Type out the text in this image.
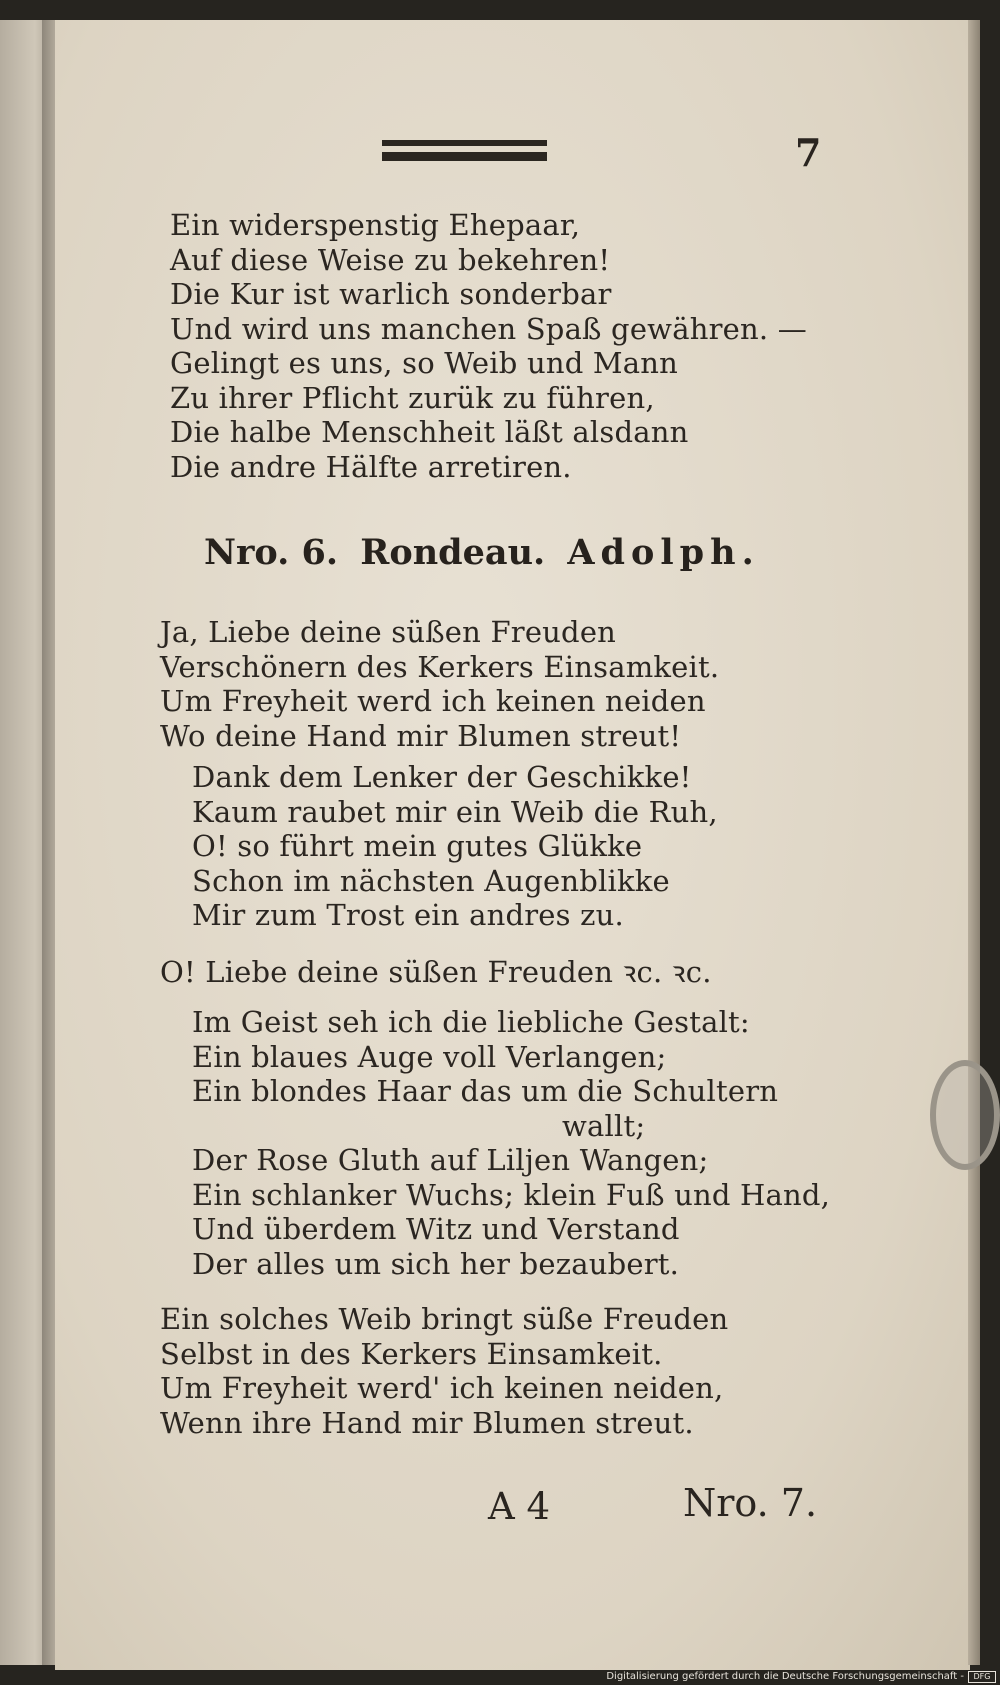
7
Ein widerspenstig Ehepaar,
Auf diese Weise zu bekehren!
Die Kur ist warlich sonderbar
Und wird uns manchen Spaß gewähren. —
Gelingt es uns, so Weib und Mann
Zu ihrer Pflicht zurük zu führen,
Die halbe Menschheit läßt alsdann
Die andre Hälfte arretiren.
Nro. 6. Rondeau. Adolph.
Ja, Liebe deine süßen Freuden
Verschönern des Kerkers Einsamkeit.
Um Freyheit werd ich keinen neiden
Wo deine Hand mir Blumen streut!
Dank dem Lenker der Geschikke!
Kaum raubet mir ein Weib die Ruh,
O! so führt mein gutes Glükke
Schon im nächsten Augenblikke
Mir zum Trost ein andres zu.
O! Liebe deine süßen Freuden ꝛc. ꝛc.
Im Geist seh ich die liebliche Gestalt:
Ein blaues Auge voll Verlangen;
Ein blondes Haar das um die Schultern
wallt;
Der Rose Gluth auf Liljen Wangen;
Ein schlanker Wuchs; klein Fuß und Hand,
Und überdem Witz und Verstand
Der alles um sich her bezaubert.
Ein solches Weib bringt süße Freuden
Selbst in des Kerkers Einsamkeit.
Um Freyheit werd' ich keinen neiden,
Wenn ihre Hand mir Blumen streut.
A 4	Nro. 7.
Digitalisierung gefördert durch die Deutsche Forschungsgemeinschaft -	DFG
